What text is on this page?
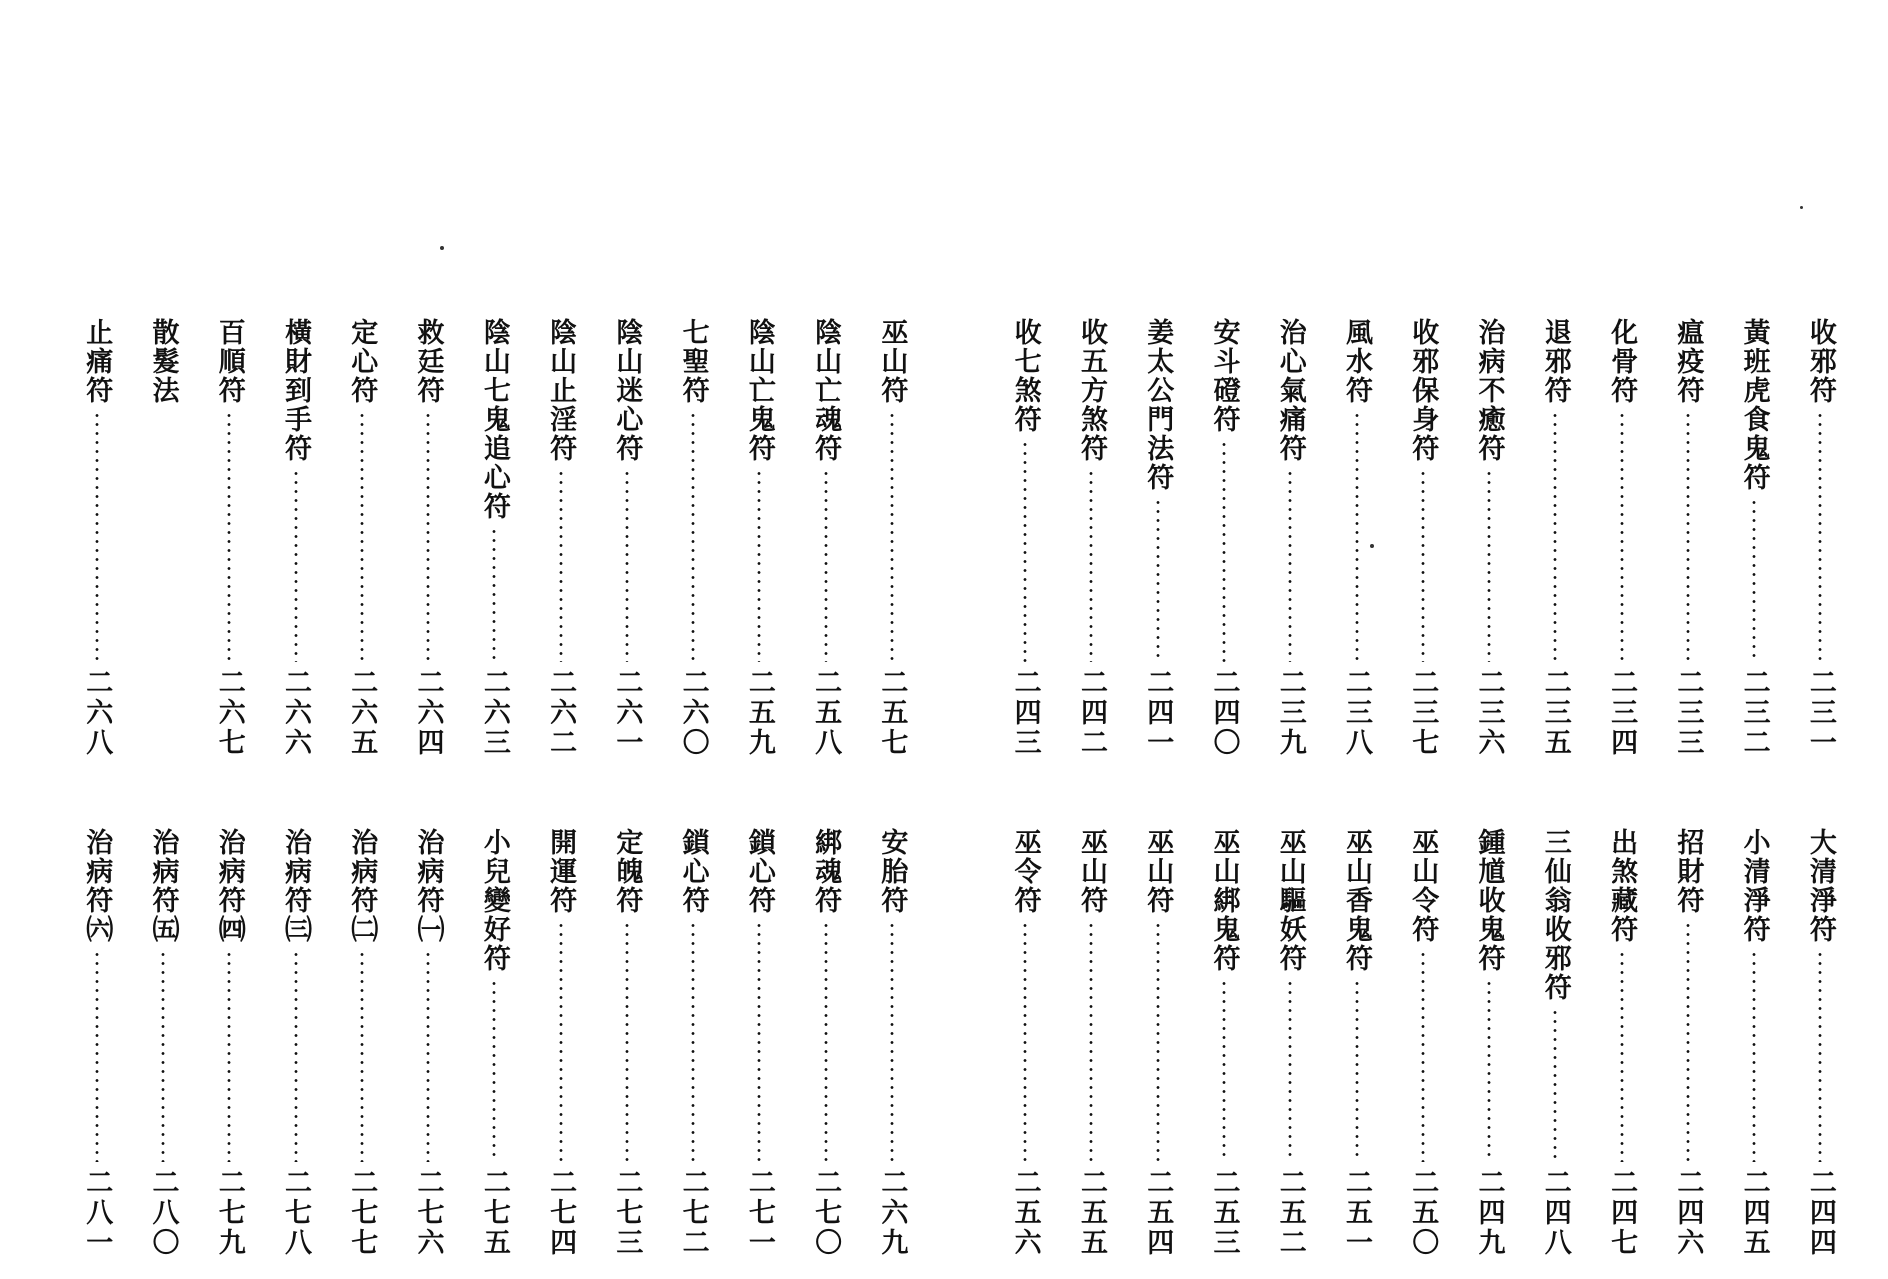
收邪符
二三一
黃班虎食鬼符
二三二
瘟疫符
二三三
化骨符
二三四
退邪符
二三五
治病不癒符
二三六
收邪保身符
二三七
風水符
二三八
治心氣痛符
二三九
安斗磴符
二四〇
姜太公門法符
二四一
收五方煞符
二四二
收七煞符
二四三
巫山符
二五七
陰山亡魂符
二五八
陰山亡鬼符
二五九
七聖符
二六〇
陰山迷心符
二六一
陰山止淫符
二六二
陰山七鬼追心符
二六三
救廷符
二六四
定心符
二六五
橫財到手符
二六六
百順符
二六七
散髮法
止痛符
二六八
大清淨符
二四四
小清淨符
二四五
招財符
二四六
出煞藏符
二四七
三仙翁收邪符
二四八
鍾馗收鬼符
二四九
巫山令符
二五〇
巫山香鬼符
二五一
巫山驅妖符
二五二
巫山綁鬼符
二五三
巫山符
二五四
巫山符
二五五
巫令符
二五六
安胎符
二六九
綁魂符
二七〇
鎖心符
二七一
鎖心符
二七二
定魄符
二七三
開運符
二七四
小兒變好符
二七五
治病符㈠
二七六
治病符㈡
二七七
治病符㈢
二七八
治病符㈣
二七九
治病符㈤
二八〇
治病符㈥
二八一
